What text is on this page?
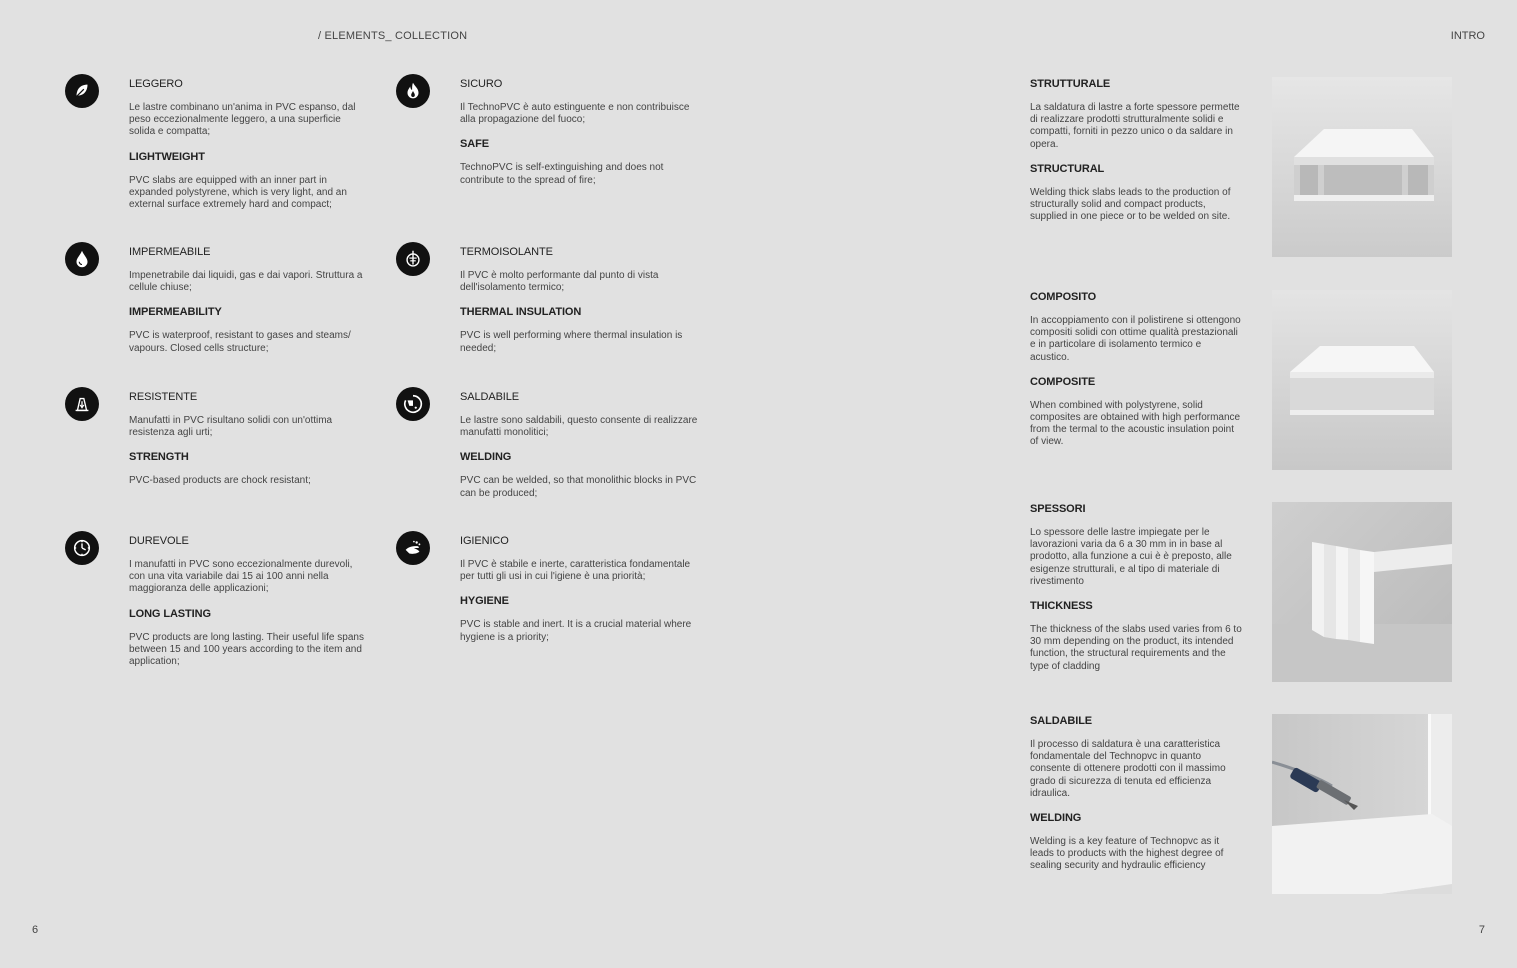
/ ELEMENTS_ COLLECTION	INTRO

LEGGERO

Le lastre combinano un'anima in PVC espanso, dal peso eccezionalmente leggero, a una superficie solida e compatta;

LIGHTWEIGHT

PVC slabs are equipped with an inner part in expanded polystyrene, which is very light, and an external surface extremely hard and compact;

SICURO

Il TechnoPVC è auto estinguente e non contribuisce alla propagazione del fuoco;

SAFE

TechnoPVC is self-extinguishing and does not contribute to the spread of fire;

IMPERMEABILE

Impenetrabile dai liquidi, gas e dai vapori. Struttura a cellule chiuse;

IMPERMEABILITY

PVC is waterproof, resistant to gases and steams/ vapours. Closed cells structure;

TERMOISOLANTE

Il PVC è molto performante dal punto di vista dell'isolamento termico;

THERMAL INSULATION

PVC is well performing where thermal insulation is needed;

RESISTENTE

Manufatti in PVC risultano solidi con un'ottima resistenza agli urti;

STRENGTH

PVC-based products are chock resistant;

SALDABILE

Le lastre sono saldabili, questo consente di realizzare manufatti monolitici;

WELDING

PVC can be welded, so that monolithic blocks in PVC can be produced;

DUREVOLE

I manufatti in PVC sono eccezionalmente durevoli, con una vita variabile dai 15 ai 100 anni nella maggioranza delle applicazioni;

LONG LASTING

PVC products are long lasting. Their useful life spans between 15 and 100 years according to the item and application;

IGIENICO

Il PVC è stabile e inerte, caratteristica fondamentale per tutti gli usi in cui l'igiene è una priorità;

HYGIENE

PVC is stable and inert. It is a crucial material where hygiene is a priority;

STRUTTURALE

La saldatura di lastre a forte spessore permette di realizzare prodotti strutturalmente solidi e compatti, forniti in pezzo unico o da saldare in opera.

STRUCTURAL

Welding thick slabs leads to the production of structurally solid and compact products, supplied in one piece or to be welded on site.

COMPOSITO

In accoppiamento con il polistirene si ottengono compositi solidi con ottime qualità prestazionali e in particolare di isolamento termico e acustico.

COMPOSITE

When combined with polystyrene, solid composites are obtained with high performance from the termal to the acoustic insulation point of view.

SPESSORI

Lo spessore delle lastre impiegate per le lavorazioni varia da 6 a 30 mm in in base al prodotto, alla funzione a cui è è preposto, alle esigenze strutturali, e al tipo di materiale di rivestimento

THICKNESS

The thickness of the slabs used varies from 6 to 30 mm depending on the product, its intended function, the structural requirements and the type of cladding

SALDABILE

Il processo di saldatura è una caratteristica fondamentale del Technopvc in quanto consente di ottenere prodotti con il massimo grado di sicurezza di tenuta ed efficienza idraulica.

WELDING

Welding is a key feature of Technopvc as it leads to products with the highest degree of sealing security and hydraulic efficiency

6	7
